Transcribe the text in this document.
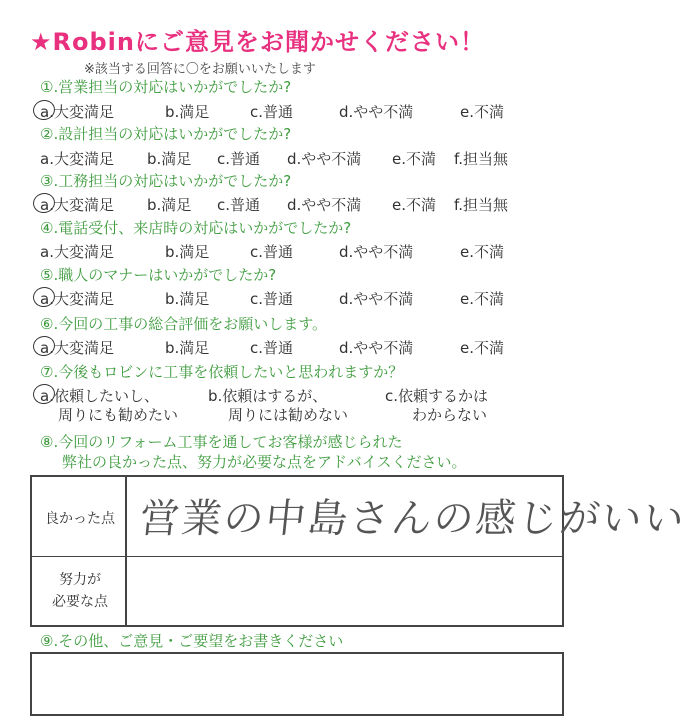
★Robinにご意見をお聞かせください！
※該当する回答に〇をお願いいたします
①.営業担当の対応はいかがでしたか?
a.大変満足	b.満足	c.普通	d.やや不満	e.不満
②.設計担当の対応はいかがでしたか?
a.大変満足 b.満足 c.普通 d.やや不満 e.不満 f.担当無
③.工務担当の対応はいかがでしたか?
a.大変満足 b.満足 c.普通 d.やや不満 e.不満 f.担当無
④.電話受付、来店時の対応はいかがでしたか?
a.大変満足	b.満足	c.普通	d.やや不満	e.不満
⑤.職人のマナーはいかがでしたか?
a.大変満足	b.満足	c.普通	d.やや不満	e.不満
⑥.今回の工事の総合評価をお願いします。
a.大変満足	b.満足	c.普通	d.やや不満	e.不満
⑦.今後もロビンに工事を依頼したいと思われますか？
a.依頼したいし、
周りにも勧めたい
b.依頼はするが、
周りには勧めない
c.依頼するかは
わからない
⑧.今回のリフォーム工事を通してお客様が感じられた
弊社の良かった点、努力が必要な点をアドバイスください。
良かった点 営業の中島さんの感じがいい
努力が
必要な点
⑨.その他、ご意見・ご要望をお書きください
